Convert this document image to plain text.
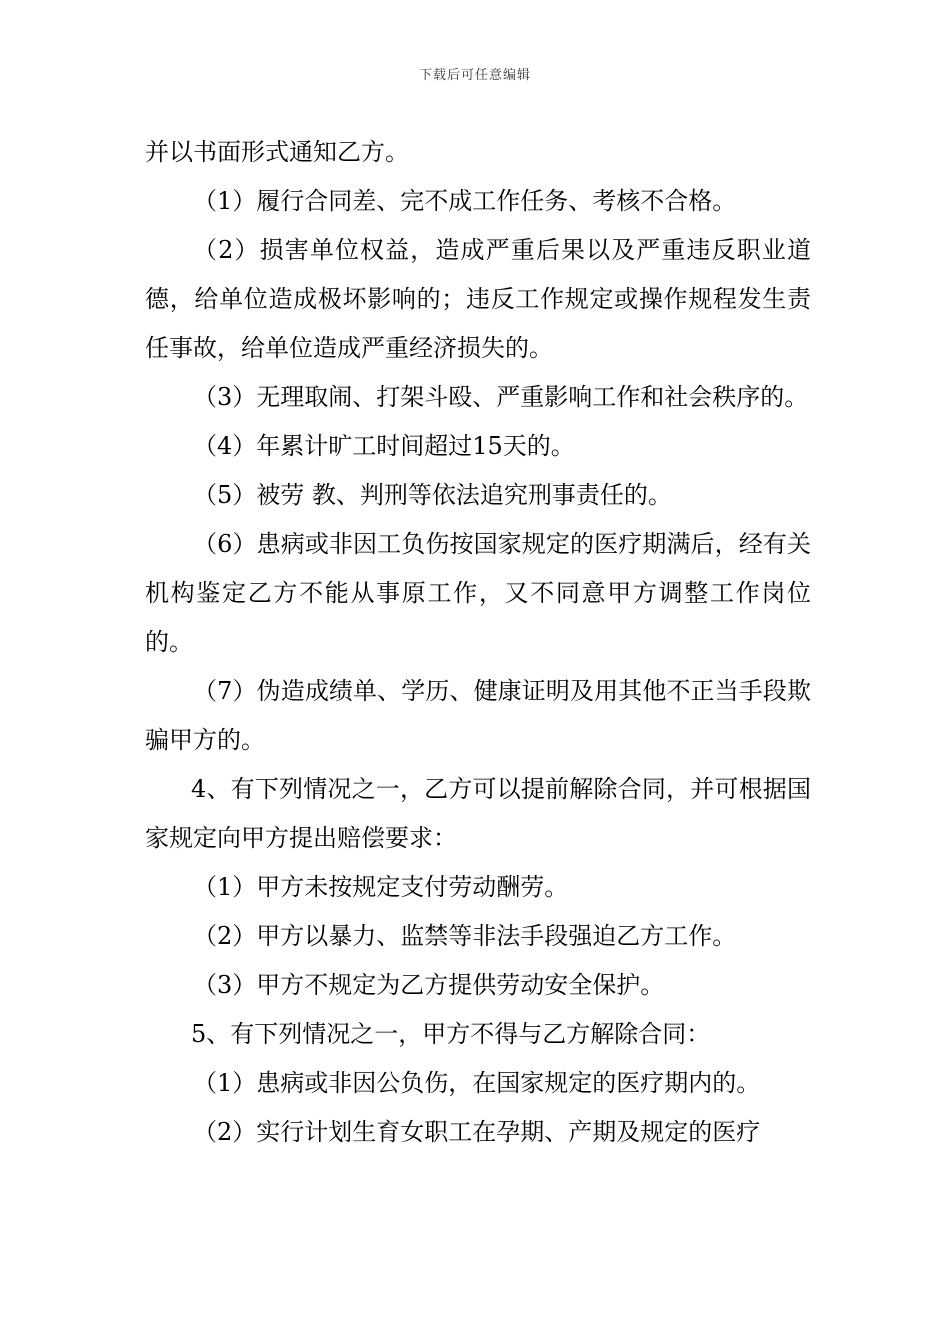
下载后可任意编辑

并以书面形式通知乙方。

（1）履行合同差、完不成工作任务、考核不合格。

（2）损害单位权益，造成严重后果以及严重违反职业道德，给单位造成极坏影响的；违反工作规定或操作规程发生责任事故，给单位造成严重经济损失的。

（3）无理取闹、打架斗殴、严重影响工作和社会秩序的。

（4）年累计旷工时间超过15天的。

（5）被劳 教、判刑等依法追究刑事责任的。

（6）患病或非因工负伤按国家规定的医疗期满后，经有关机构鉴定乙方不能从事原工作，又不同意甲方调整工作岗位的。

（7）伪造成绩单、学历、健康证明及用其他不正当手段欺骗甲方的。

4、有下列情况之一，乙方可以提前解除合同，并可根据国家规定向甲方提出赔偿要求：

（1）甲方未按规定支付劳动酬劳。

（2）甲方以暴力、监禁等非法手段强迫乙方工作。

（3）甲方不规定为乙方提供劳动安全保护。

5、有下列情况之一，甲方不得与乙方解除合同：

（1）患病或非因公负伤，在国家规定的医疗期内的。

（2）实行计划生育女职工在孕期、产期及规定的医疗
